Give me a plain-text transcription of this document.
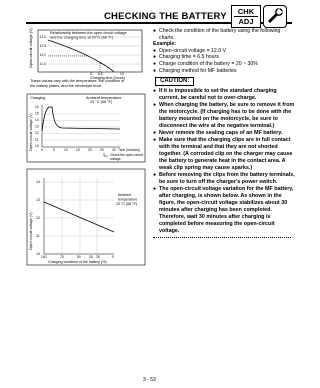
CHECKING THE BATTERY	CHK
ADJ
Open-circuit voltage (V)	Relationship between the open-circuit voltage
and the charging time at 20°C (68 °F)
13.0
12.5
12.0
11.5
5 6.5	10
Charging time (hours)
These values vary with the temperature, the condition of
the battery plates, and the electrolyte level.
Charging	Ambient temperature
20 °C (68 °F)
Open-circuit voltage (V)
16
15
14
13
12
11
10
0	5	10	15	20	25	30 Time (minutes)
Check the open-circuit
voltage.
Open-circuit voltage (V)
14
13
12
11
10
Ambient
temperature
20 °C (68 °F)
100	75	50	30 25	0
Charging condition of the battery (%)

● Check the condition of the battery using the following charts.

Example:

● Open-circuit voltage = 12.0 V

● Charging time = 6.5 hours

● Charge condition of the battery = 20 ~ 30%

● Charging method for MF batteries

CAUTION:

● If it is impossible to set the standard charging current, be careful not to over-charge.

● When charging the battery, be sure to remove it from the motorcycle. (If charging has to be done with the battery mounted on the motorcycle, be sure to disconnect the wire at the negative terminal.)

● Never remove the sealing caps of an MF battery.

● Make sure that the charging clips are in full contact with the terminal and that they are not shorted together. (A corroded clip on the charger may cause the battery to generate heat in the contact area. A weak clip spring may cause sparks.)

● Before removing the clips from the battery terminals, be sure to turn off the charger's power switch.

● The open-circuit voltage variation for the MF battery, after charging, is shown below. As shown in the figure, the open-circuit voltage stabilizes about 30 minutes after charging has been completed. Therefore, wait 30 minutes after charging is completed before measuring the open-circuit voltage.

3 - 53
